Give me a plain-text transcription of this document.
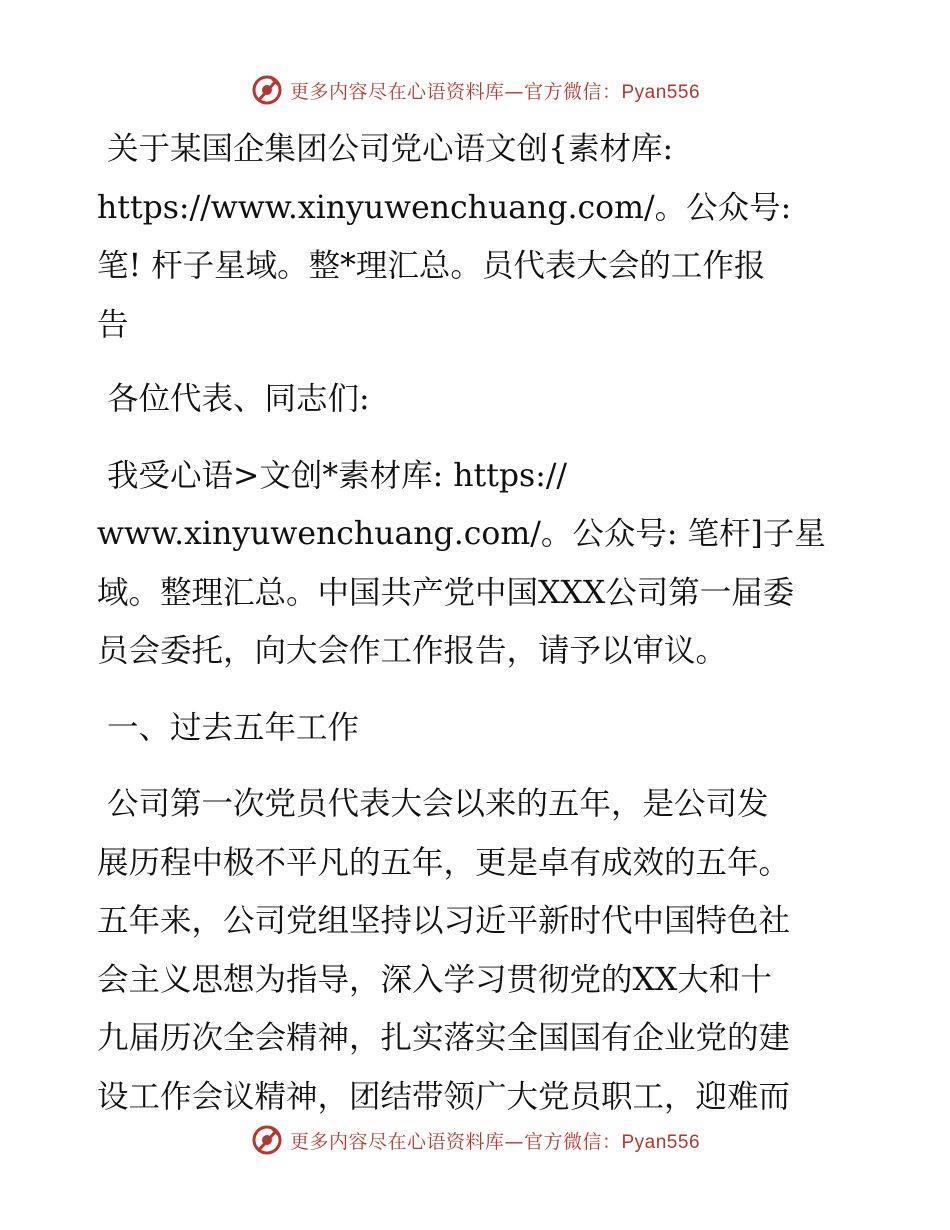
更多内容尽在心语资料库—官方微信：Pyan556
关于某国企集团公司党心语文创{素材库:
https://www.xinyuwenchuang.com/。公众号:
笔! 杆子星域。整*理汇总。员代表大会的工作报
告
各位代表、同志们:
我受心语>文创*素材库: https://
www.xinyuwenchuang.com/。公众号: 笔杆]子星
域。整理汇总。中国共产党中国XXX公司第一届委
员会委托，向大会作工作报告，请予以审议。
一、过去五年工作
公司第一次党员代表大会以来的五年，是公司发
展历程中极不平凡的五年，更是卓有成效的五年。
五年来，公司党组坚持以习近平新时代中国特色社
会主义思想为指导，深入学习贯彻党的XX大和十
九届历次全会精神，扎实落实全国国有企业党的建
设工作会议精神，团结带领广大党员职工，迎难而
更多内容尽在心语资料库—官方微信：Pyan556
